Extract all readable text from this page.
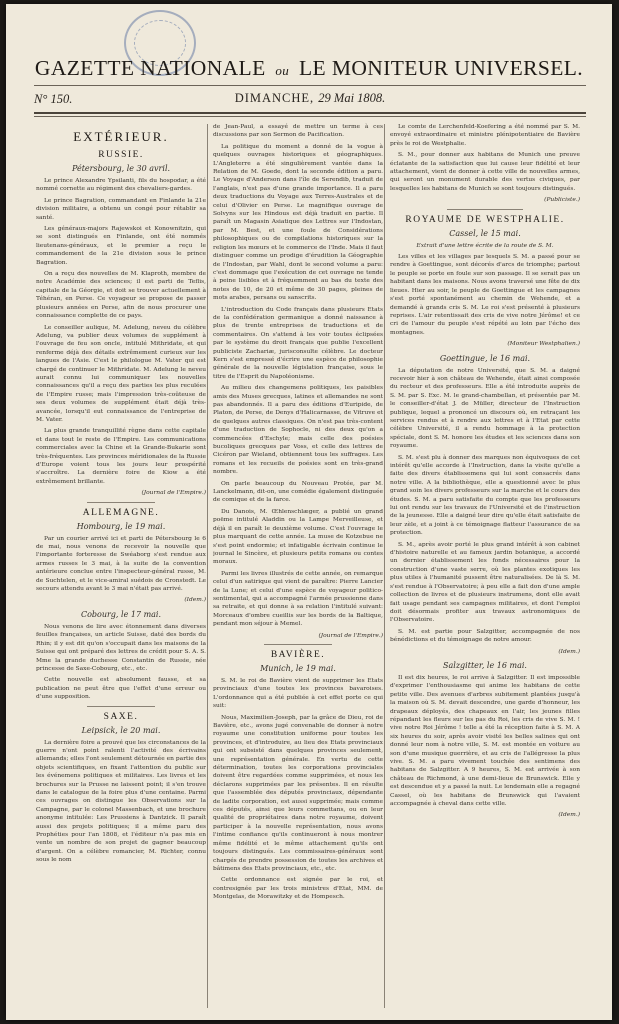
GAZETTE NATIONALE ou LE MONITEUR UNIVERSEL.
N° 150.	DIMANCHE, 29 Mai 1808.
EXTÉRIEUR.
RUSSIE.
Pétersbourg, le 30 avril.

Le prince Alexandre Ypsilanti, fils du hospodar, a été nommé cornette au régiment des chevaliers-gardes.

Le prince Bagration, commandant en Finlande la 21e division militaire, a obtenu un congé pour rétablir sa santé.

Les généraux-majors Rajewskoi et Konownitzin, qui se sont distingués en Finlande, ont été nommés lieutenans-généraux, et le premier a reçu le commandement de la 21e division sous le prince Bagration.

On a reçu des nouvelles de M. Klaproth, membre de notre Académie des sciences; il est parti de Teflis, capitale de la Géorgie, et doit se trouver actuellement à Téhéran, en Perse. Ce voyageur se propose de passer plusieurs années en Perse, afin de nous procurer une connaissance complette de ce pays.

Le conseiller aulique, M. Adelung, neveu du célèbre Adelung, va publier deux volumes de supplément à l'ouvrage de feu son oncle, intitulé Mithridate, et qui renferme déjà des détails extrêmement curieux sur les langues de l'Asie. C'est le philologue M. Vater qui est chargé de continuer le Mithridate. M. Adelung le neveu aurait connu lui communiquer les nouvelles connaissances qu'il a reçu des parties les plus reculées de l'Empire russe; mais l'impression très-coûteuse de ses deux volumes de supplément était déjà très-avancée, lorsqu'il eut connaissance de l'entreprise de M. Vater.

La plus grande tranquillité règne dans cette capitale et dans tout le reste de l'Empire. Les communications commerciales avec la Chine et la Grande-Bukarie sont très-fréquentes. Les provinces méridionales de la Russie d'Europe voient tous les jours leur prospérité s'accroître. La dernière foire de Kiow a été extrêmement brillante.

(Journal de l'Empire.)
ALLEMAGNE.
Hombourg, le 19 mai.

Par un courier arrivé ici et parti de Pétersbourg le 6 de mai, nous venons de recevoir la nouvelle que l'importante forteresse de Swéaborg s'est rendue aux armes russes le 3 mai, à la suite de la convention antérieure conclue entre l'inspecteur-général russe, M. de Suchtelen, et le vice-amiral suédois de Cronstedt. Le secours attendu avant le 3 mai n'était pas arrivé.

(Idem.)
Cobourg, le 17 mai.

Nous venons de lire avec étonnement dans diverses feuilles françaises, un article Suisse, daté des bords du Rhin; il y est dit qu'on s'occupait dans les maisons de la Suisse qui ont préparé des lettres de crédit pour S. A. S. Mme la grande duchesse Constantin de Russie, née princesse de Saxe-Cobourg, etc., etc.

Cette nouvelle est absolument fausse, et sa publication ne peut être que l'effet d'une erreur ou d'une supposition.

SAXE.
Leipsick, le 20 mai.

La dernière foire a prouvé que les circonstances de la guerre n'ont point ralenti l'activité des écrivains allemands; elles l'ont seulement détournée en partie des objets scientifiques, en fixant l'attention du public sur les événemens politiques et militaires. Les livres et les brochures sur la Prusse ne laissent point; il s'en trouve dans le catalogue de la foire plus d'une centaine. Parmi ces ouvrages on distingue les Observations sur la Campagne, par le colonel Massenbach, et une brochure anonyme intitulée: Les Prussiens à Dantzick. Il paraît aussi des projets politiques; il a même paru des Prophéties pour l'an 1808, et l'éditeur n'a pas mis en vente un nombre de son projet de gagner beaucoup d'argent. On a célèbre romancier, M. Richter, connu sous le nom

de Jean-Paul, a essayé de mettre un terme à ces discussions par son Sermon de Pacification.

La politique du moment a donné de la vogue à quelques ouvrages historiques et géographiques. L'Angleterre a été singulièrement vantée dans la Relation de M. Goede, dont la seconde édition a paru. Le Voyage d'Anderson dans l'île de Serendib, traduit de l'anglais, n'est pas d'une grande importance. Il a paru deux traductions du Voyage aux Terres-Australes et de celui d'Olivier en Perse. Le magnifique ouvrage de Solvyns sur les Hindous est déjà traduit en partie. Il paraît un Magasin Asiatique des Lettres sur l'Indostan, par M. Best, et une foule de Considérations philosophiques ou de compilations historiques sur la religion les mœurs et le commerce de l'Inde. Mais il faut distinguer comme un prodige d'érudition la Géographie de l'Indostan, par Wahl, dont le second volume a paru: c'est dommage que l'exécution de cet ouvrage ne tende à peine lisibles et à fréquemment au bas du texte des notes de 10, de 20 et même de 30 pages, pleines de mots arabes, persans ou sanscrits.

L'introduction du Code français dans plusieurs Etats de la confédération germanique a donné naissance à plus de trente entreprises de traductions et de commentaires. On s'attend à les voir toutes éclipsées par le système du droit français que publie l'excellent publiciste Zachariæ, jurisconsulte célèbre. Le docteur Kern s'est empressé d'écrire une espèce de philosophie générale de la nouvelle législation française, sous le titre de l'Esprit du Napoléonisme.

Au milieu des changemens politiques, les paisibles amis des Muses grecques, latines et allemandes ne sont pas abandonnés. Il a paru des éditions d'Euripide, de Platon, de Perse, de Denys d'Halicarnasse, de Vitruve et de quelques autres classiques. On n'est pas très-content d'une traduction de Sophocle, ni des deux qu'on a commencées d'Eschyle; mais celle des poésies bucoliques grecques par Voss, et celle des lettres de Cicéron par Wieland, obtiennent tous les suffrages. Les romans et les recueils de poésies sont en très-grand nombre.

On parle beaucoup du Nouveau Protée, par M. Lanckelmann, dit-on, une comédie également distinguée de comique et de la farce.

Du Danois, M. Œhlenschlæger, a publié un grand poëme intitulé Aladdin ou la Lampe Merveilleuse, et déjà il en paraît le deuxième volume. C'est l'ouvrage le plus marquant de cette année. La muse de Kotzebue ne s'est point endormie; et infatigable écrivain continue le journal le Sincère, et plusieurs petits romans ou contes moraux.

Parmi les livres illustrés de cette année, on remarque celui d'un satirique qui vient de paraître: Pierre Lancier de la Lune; et celui d'une espèce de voyageur politico-sentimental, qui a accompagné l'armée prussienne dans sa retraite, et qui donne à sa relation l'intitulé suivant: Morceaux d'ombre cueillis sur les bords de la Baltique, pendant mon séjour à Memel.

(Journal de l'Empire.)
BAVIÈRE.
Munich, le 19 mai.

S. M. le roi de Bavière vient de supprimer les Etats provinciaux d'une toutes les provinces bavaroises. L'ordonnance qui a été publiée à cet effet porte ce qui suit:

Nous, Maximilien-Joseph, par la grâce de Dieu, roi de Bavière, etc., avons jugé convenable de donner à notre royaume une constitution uniforme pour toutes les provinces, et d'introduire, au lieu des Etats provinciaux qui ont subsisté dans quelques provinces seulement, une représentation générale. En vertu de cette détermination, toutes les corporations provinciales doivent être regardées comme supprimées, et nous les déclarons supprimées par les présentes. Il en résulte que l'assemblée des députés provinciaux, dépendante de ladite corporation, est aussi supprimée; mais comme ces députés, ainsi que leurs commettans, ou en leur qualité de propriétaires dans notre royaume, doivent participer à la nouvelle représentation, nous avons l'intime confiance qu'ils continueront à nous montrer même fidélité et le même attachement qu'ils ont toujours distingués. Les commissaires-généraux sont chargés de prendre possession de toutes les archives et bâtimens des Etats provinciaux, etc., etc.

Cette ordonnance est signée par le roi, et contresignée par les trois ministres d'Etat, MM. de Montgelas, de Morawitzky et de Hompesch.

Le comte de Lerchenfeld-Koefering a été nommé par S. M. envoyé extraordinaire et ministre plénipotentiaire de Bavière près le roi de Westphalie.

S. M., pour donner aux habitans de Munich une preuve éclatante de la satisfaction que lui cause leur fidélité et leur attachement, vient de donner à cette ville de nouvelles armes, qui seront un monument durable des vertus civiques, par lesquelles les habitans de Munich se sont toujours distingués.

(Publiciste.)
ROYAUME DE WESTPHALIE.
Cassel, le 15 mai.

Extrait d'une lettre écrite de la route de S. M.

Les villes et les villages par lesquels S. M. a passé pour se rendre à Goettingue, sont décorés d'arcs de triomphe; partout le peuple se porte en foule sur son passage. Il se serait pas un habitant dans les maisons. Nous avons traversé une fête de dix lieues. Hier au soir, le peuple de Goettingue et les campagnes s'est porté spontanément au chemin de Wehende, et a demandé à grands cris S. M. Le roi s'est présenté à plusieurs reprises. L'air retentissait des cris de vive notre Jérôme! et ce cri de l'amour du peuple s'est répété au loin par l'écho des montagnes.

(Moniteur Westphalien.)
Goettingue, le 16 mai.

La députation de notre Université, que S. M. a daigné recevoir hier à son château de Wehende, était ainsi composée du recteur et des professeurs. Elle a été introduite auprès de S. M. par S. Exc. M. le grand-chambellan, et présentée par M. le conseiller-d'état J. de Müller, directeur de l'Instruction publique, lequel a prononcé un discours où, en retraçant les services rendus et à rendre aux lettres et à l'Etat par cette célèbre Université, il a rendu hommage à la protection spéciale, dont S. M. honore les études et les sciences dans son royaume.

S. M. s'est plu à donner des marques non équivoques de cet intérêt qu'elle accorde à l'Instruction, dans la visite qu'elle a faite des divers établissemens qui lui sont consacrés dans notre ville. A la bibliothèque, elle a questionné avec le plus grand soin les divers professeurs sur la marche et le cours des études. S. M. a paru satisfaite du compte que les professeurs lui ont rendu sur les travaux de l'Université et de l'instruction de la jeunesse. Elle a daigné leur dire qu'elle était satisfaite de leur zèle, et a joint à ce témoignage flatteur l'assurance de sa protection.

S. M., après avoir porté le plus grand intérêt à son cabinet d'histoire naturelle et au fameux jardin botanique, a accordé un dernier établissement les fonds nécessaires pour la construction d'une vaste serre, où les plantes exotiques les plus utiles à l'humanité pussent être naturalisées. De là S. M. s'est rendue à l'Observatoire; à peu elle a fait don d'une ample collection de livres et de plusieurs instrumens, dont elle avait fait usage pendant ses campagnes militaires, et dont l'emploi doit désormais profiter aux travaux astronomiques de l'Observatoire.

S. M. est partie pour Salzgitter, accompagnée de nos bénédictions et du témoignage de notre amour.

(Idem.)
Salzgitter, le 16 mai.

Il est dix heures, le roi arrive à Salzgitter. Il est impossible d'exprimer l'enthousiasme qui anime les habitans de cette petite ville. Des avenues d'arbres subitement plantées jusqu'à la maison où S. M. devait descendre, une garde d'honneur, les drapeaux déployés, des chapeaux en l'air, les jeunes filles répandant les fleurs sur les pas du Roi, les cris de vive S. M. ! vive notre Roi Jérôme ! telle a été la réception faite à S. M. A six heures du soir, après avoir visité les belles salines qui ont donné leur nom à notre ville, S. M. est montée en voiture au son d'une musique guerrière, et au cris de l'allégresse la plus vive. S. M. a paru vivement touchée des sentimens des habitans de Salzgitter. A 9 heures, S. M. est arrivée à son château de Richmond, à une demi-lieue de Brunswick. Elle y est descendue et y a passé la nuit. Le lendemain elle a regagné Cassel, où les habitans de Brunswick qui l'avaient accompagnée à cheval dans cette ville.

(Idem.)
